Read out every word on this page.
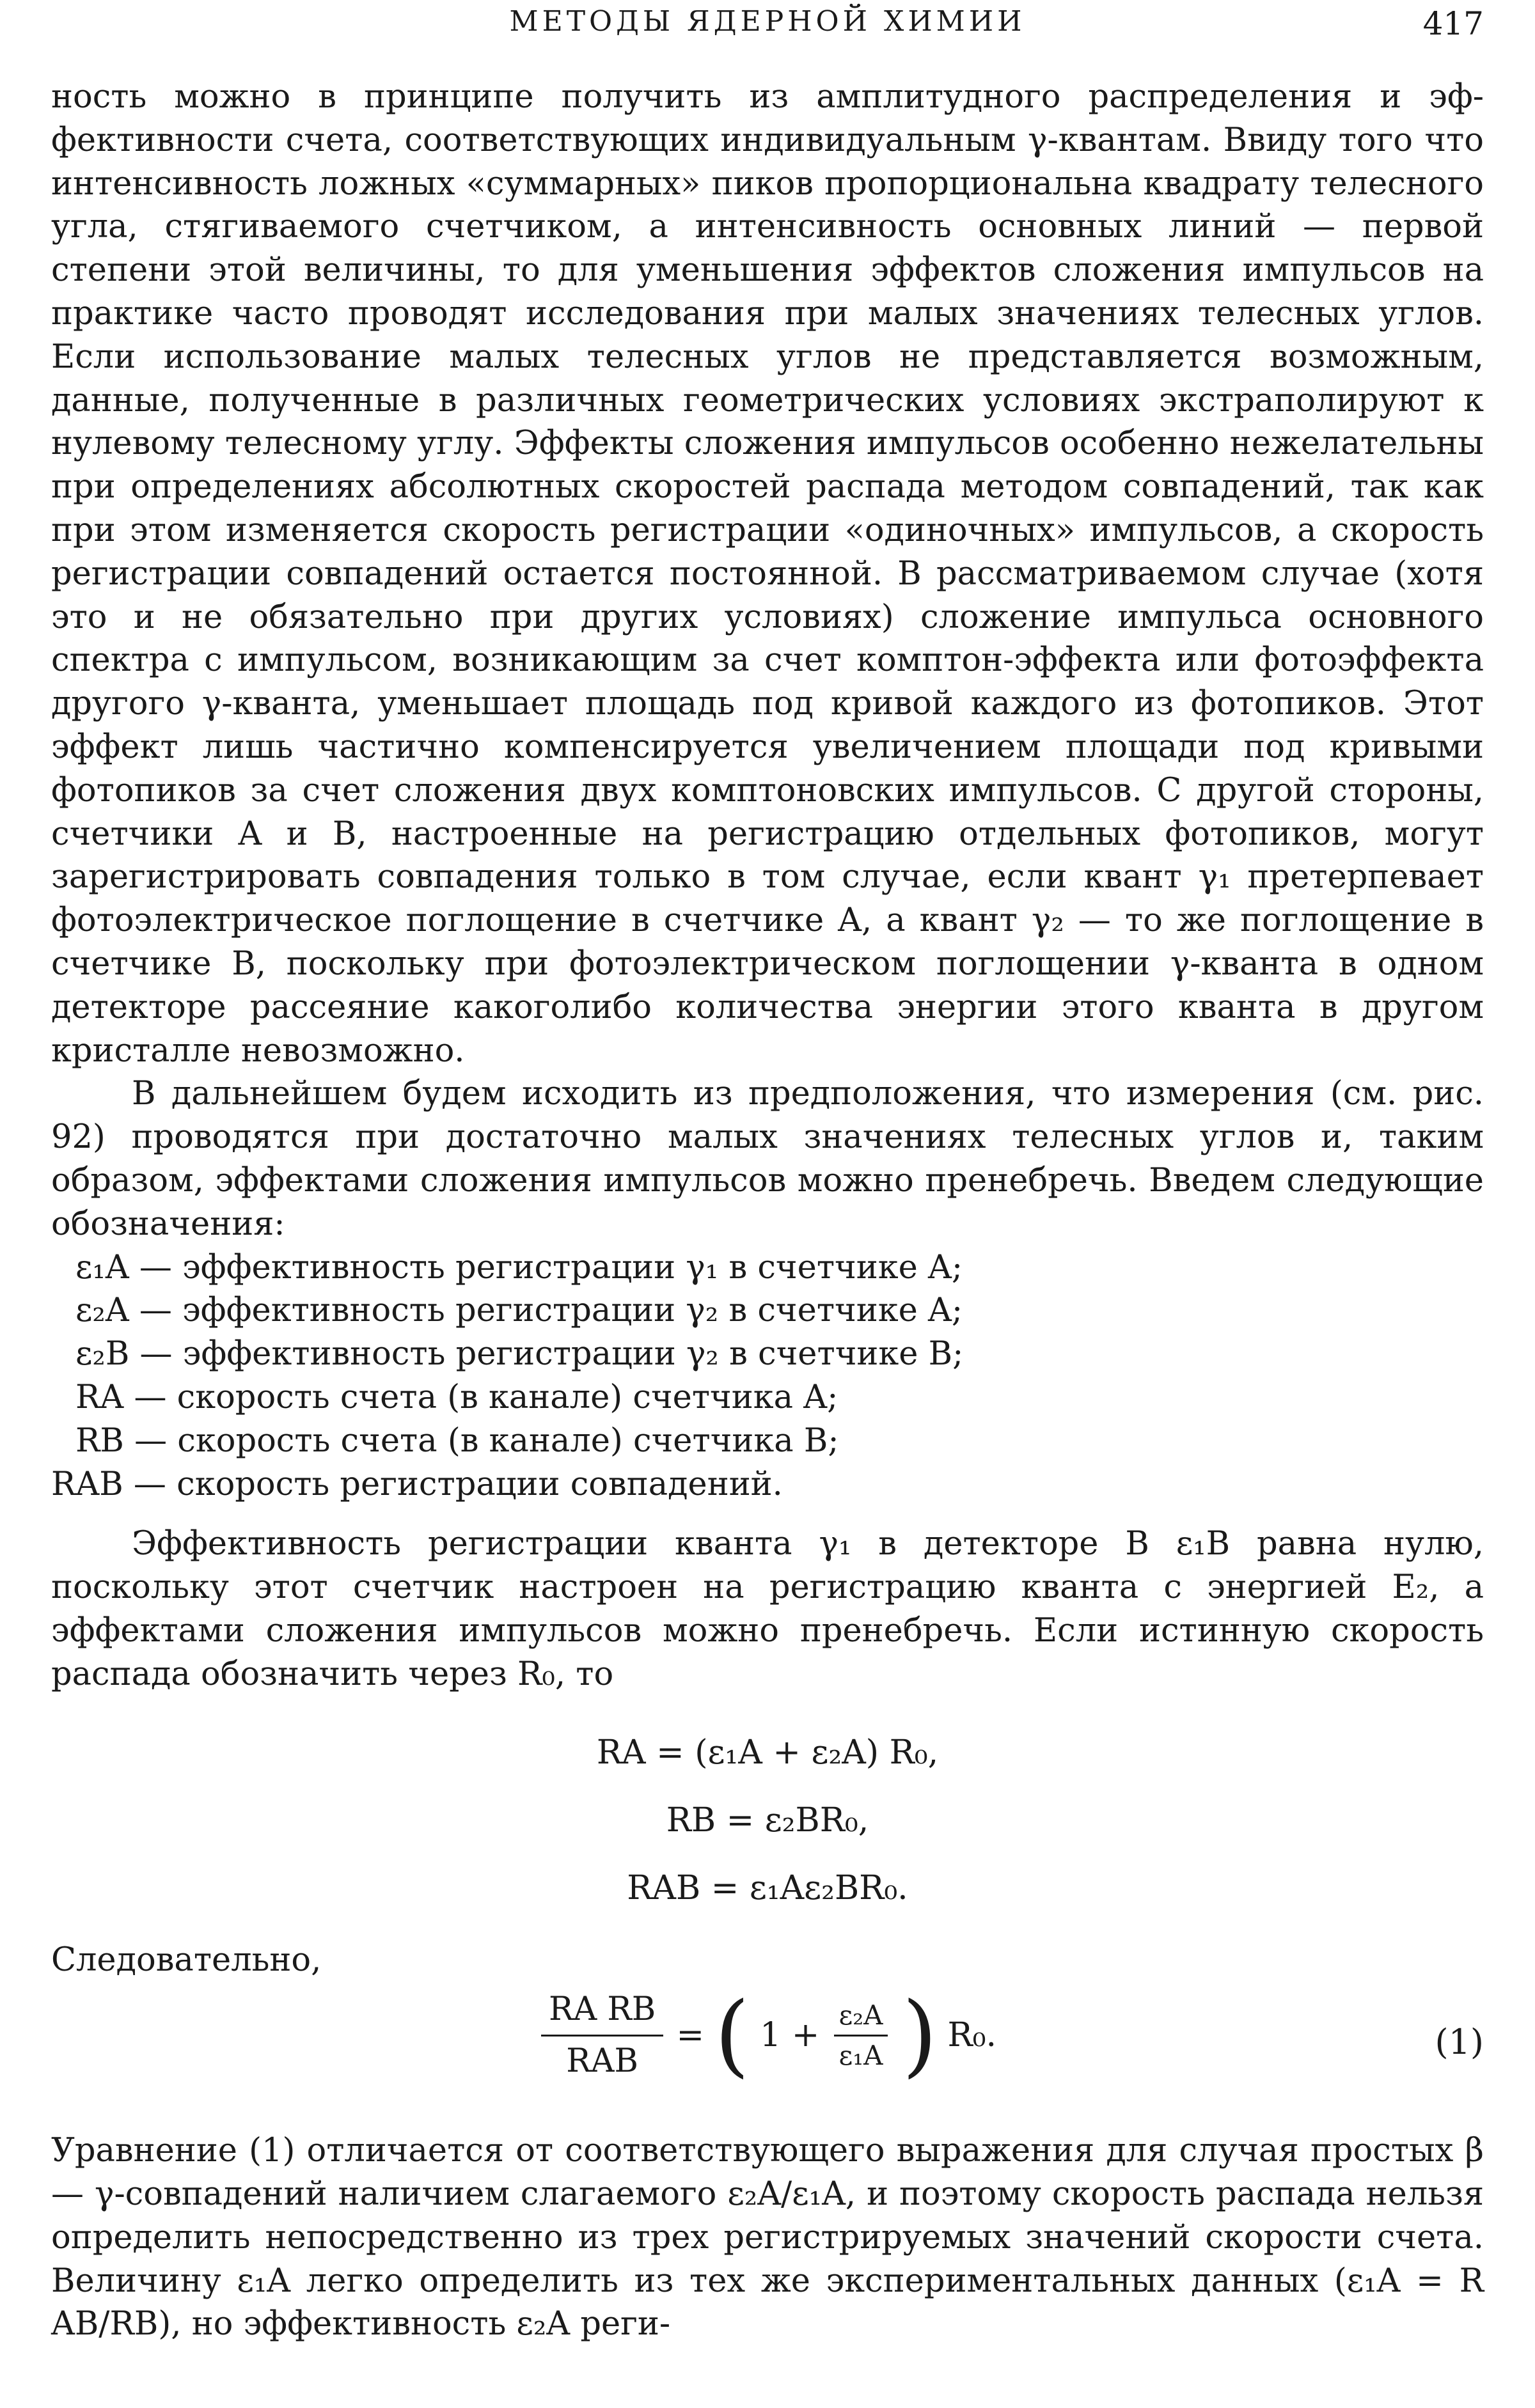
МЕТОДЫ ЯДЕРНОЙ ХИМИИ	417

ность можно в принципе получить из амплитудного распределения и эффективности счета, соответствующих индивидуальным γ-квантам. Ввиду того что интенсивность ложных «суммарных» пиков пропорциональна квадрату телесного угла, стягиваемого счетчиком, а интенсивность основных линий — первой степени этой величины, то для уменьшения эффектов сложения импульсов на практике часто проводят исследования при малых значениях телесных углов. Если использование малых телесных углов не представляется возможным, данные, полученные в различных геометрических условиях экстраполируют к нулевому телесному углу. Эффекты сложения импульсов особенно нежелательны при определениях абсолютных скоростей распада методом совпадений, так как при этом изменяется скорость регистрации «одиночных» импульсов, а скорость регистрации совпадений остается постоянной. В рассматриваемом случае (хотя это и не обязательно при других условиях) сложение импульса основного спектра с импульсом, возникающим за счет комптон-эффекта или фотоэффекта другого γ-кванта, уменьшает площадь под кривой каждого из фотопиков. Этот эффект лишь частично компенсируется увеличением площади под кривыми фотопиков за счет сложения двух комптоновских импульсов. С другой стороны, счетчики A и B, настроенные на регистрацию отдельных фотопиков, могут зарегистрировать совпадения только в том случае, если квант γ₁ претерпевает фотоэлектрическое поглощение в счетчике A, а квант γ₂ — то же поглощение в счетчике B, поскольку при фотоэлектрическом поглощении γ-кванта в одном детекторе рассеяние какоголибо количества энергии этого кванта в другом кристалле невозможно.

В дальнейшем будем исходить из предположения, что измерения (см. рис. 92) проводятся при достаточно малых значениях телесных углов и, таким образом, эффектами сложения импульсов можно пренебречь. Введем следующие обозначения:

ε₁A — эффективность регистрации γ₁ в счетчике A;
ε₂A — эффективность регистрации γ₂ в счетчике A;
ε₂B — эффективность регистрации γ₂ в счетчике B;
RA — скорость счета (в канале) счетчика A;
RB — скорость счета (в канале) счетчика B;
RAB — скорость регистрации совпадений.

Эффективность регистрации кванта γ₁ в детекторе B ε₁B равна нулю, поскольку этот счетчик настроен на регистрацию кванта с энергией E₂, а эффектами сложения импульсов можно пренебречь. Если истинную скорость распада обозначить через R₀, то

RA = (ε₁A + ε₂A) R₀,
RB = ε₂BR₀,
RAB = ε₁Aε₂BR₀.

Следовательно,

$\frac{\text{RA RB}}{\text{RAB}}$ = ( $1 + \frac{\text{ε₂A}}{\text{ε₁A}}$ ) R₀.	(1)

Уравнение (1) отличается от соответствующего выражения для случая простых β — γ-совпадений наличием слагаемого ε₂A/ε₁A, и поэтому скорость распада нельзя определить непосредственно из трех регистрируемых значений скорости счета. Величину ε₁A легко определить из тех же экспериментальных данных (ε₁A = R AB/RB), но эффективность ε₂A реги-
